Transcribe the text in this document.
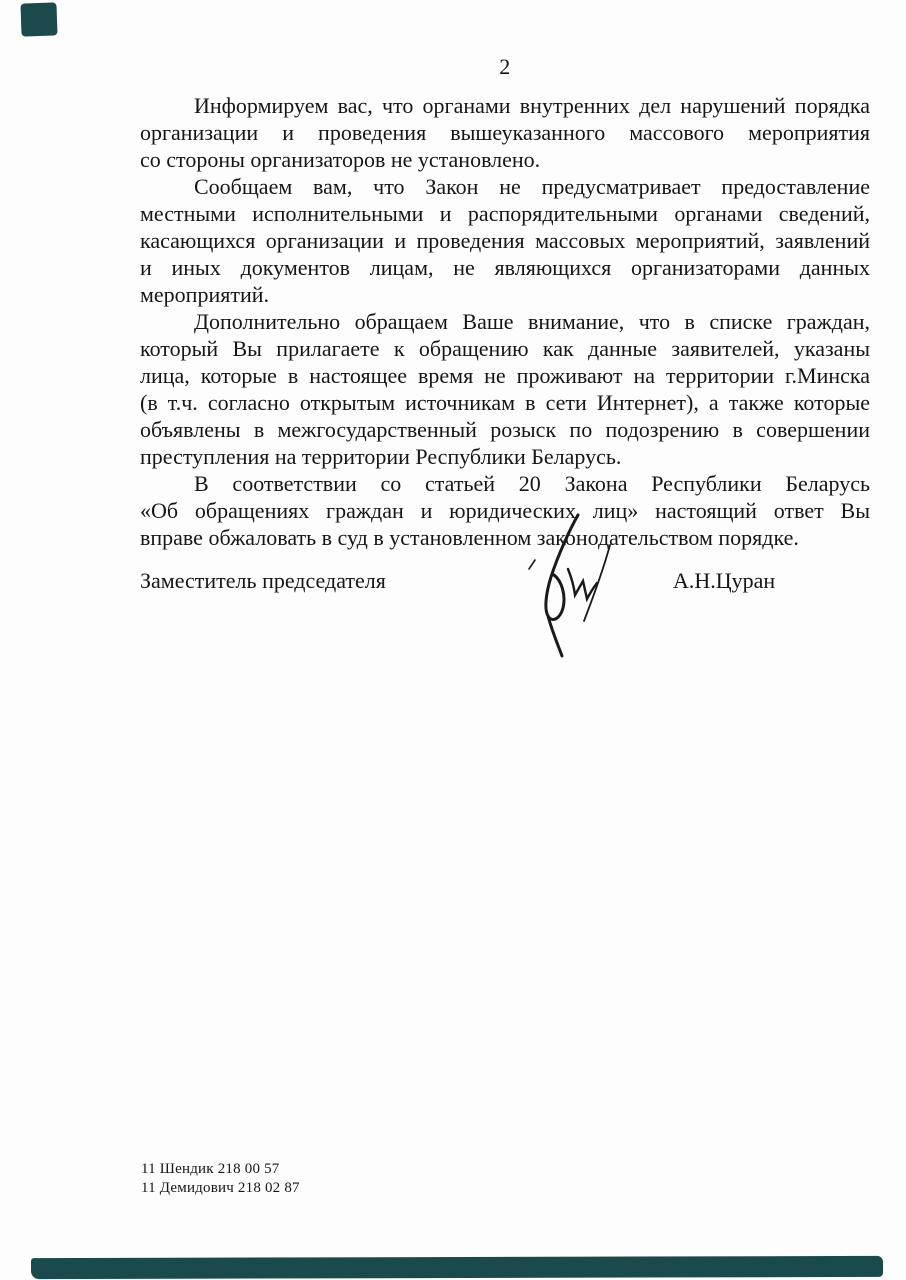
2
Информируем вас, что органами внутренних дел нарушений порядка
организации и проведения вышеуказанного массового мероприятия
со стороны организаторов не установлено.
Сообщаем вам, что Закон не предусматривает предоставление
местными исполнительными и распорядительными органами сведений,
касающихся организации и проведения массовых мероприятий, заявлений
и иных документов лицам, не являющихся организаторами данных
мероприятий.
Дополнительно обращаем Ваше внимание, что в списке граждан,
который Вы прилагаете к обращению как данные заявителей, указаны
лица, которые в настоящее время не проживают на территории г.Минска
(в т.ч. согласно открытым источникам в сети Интернет), а также которые
объявлены в межгосударственный розыск по подозрению в совершении
преступления на территории Республики Беларусь.
В соответствии со статьей 20 Закона Республики Беларусь
«Об обращениях граждан и юридических лиц» настоящий ответ Вы
вправе обжаловать в суд в установленном законодательством порядке.
Заместитель председателя	А.Н.Цуран
11 Шендик 218 00 57
11 Демидович 218 02 87
